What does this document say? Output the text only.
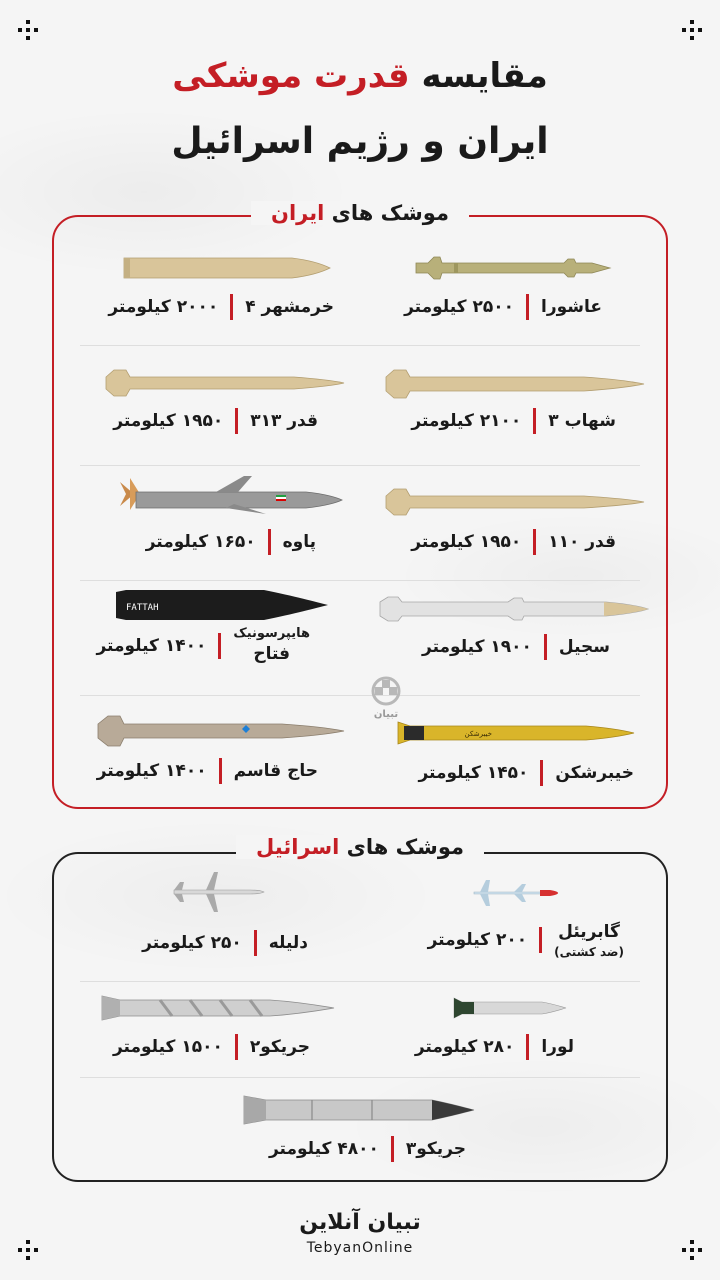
مقایسه قدرت موشکی
ایران و رژیم اسرائیل
موشک های ایران
عاشورا
۲۵۰۰ کیلومتر
خرمشهر ۴
۲۰۰۰ کیلومتر
شهاب ۳
۲۱۰۰ کیلومتر
قدر ۳۱۳
۱۹۵۰ کیلومتر
قدر ۱۱۰
۱۹۵۰ کیلومتر
پاوه
۱۶۵۰ کیلومتر
سجیل
۱۹۰۰ کیلومتر
FATTAH
هایپرسونیک
فتاح
۱۴۰۰ کیلومتر
خیبرشکن
خیبرشکن
۱۴۵۰ کیلومتر
حاج قاسم
۱۴۰۰ کیلومتر
تبیان
موشک های اسرائیل
گابریئل
(ضد کشتی)
۲۰۰ کیلومتر
دلیله
۲۵۰ کیلومتر
لورا
۲۸۰ کیلومتر
جریکو۲
۱۵۰۰ کیلومتر
جریکو۳
۴۸۰۰ کیلومتر
تبیان آنلاین
TebyanOnline
